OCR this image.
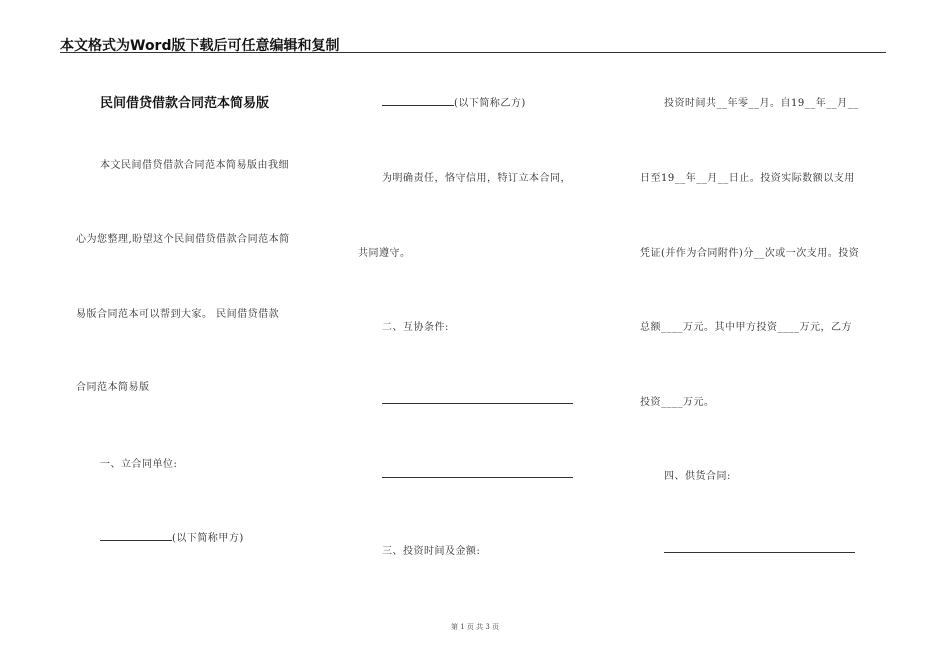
本文格式为Word版下载后可任意编辑和复制
民间借贷借款合同范本简易版
本文民间借贷借款合同范本简易版由我细
心为您整理,盼望这个民间借贷借款合同范本简
易版合同范本可以帮到大家。 民间借贷借款
合同范本简易版
一、立合同单位:
(以下简称甲方)
(以下简称乙方)
为明确责任，恪守信用，特订立本合同，
共同遵守。
二、互协条件:
三、投资时间及金额:
投资时间共__年零__月。自19__年__月__
日至19__年__月__日止。投资实际数额以支用
凭证(并作为合同附件)分__次或一次支用。投资
总额____万元。其中甲方投资____万元，乙方
投资____万元。
四、供货合同:
第 1 页 共 3 页
